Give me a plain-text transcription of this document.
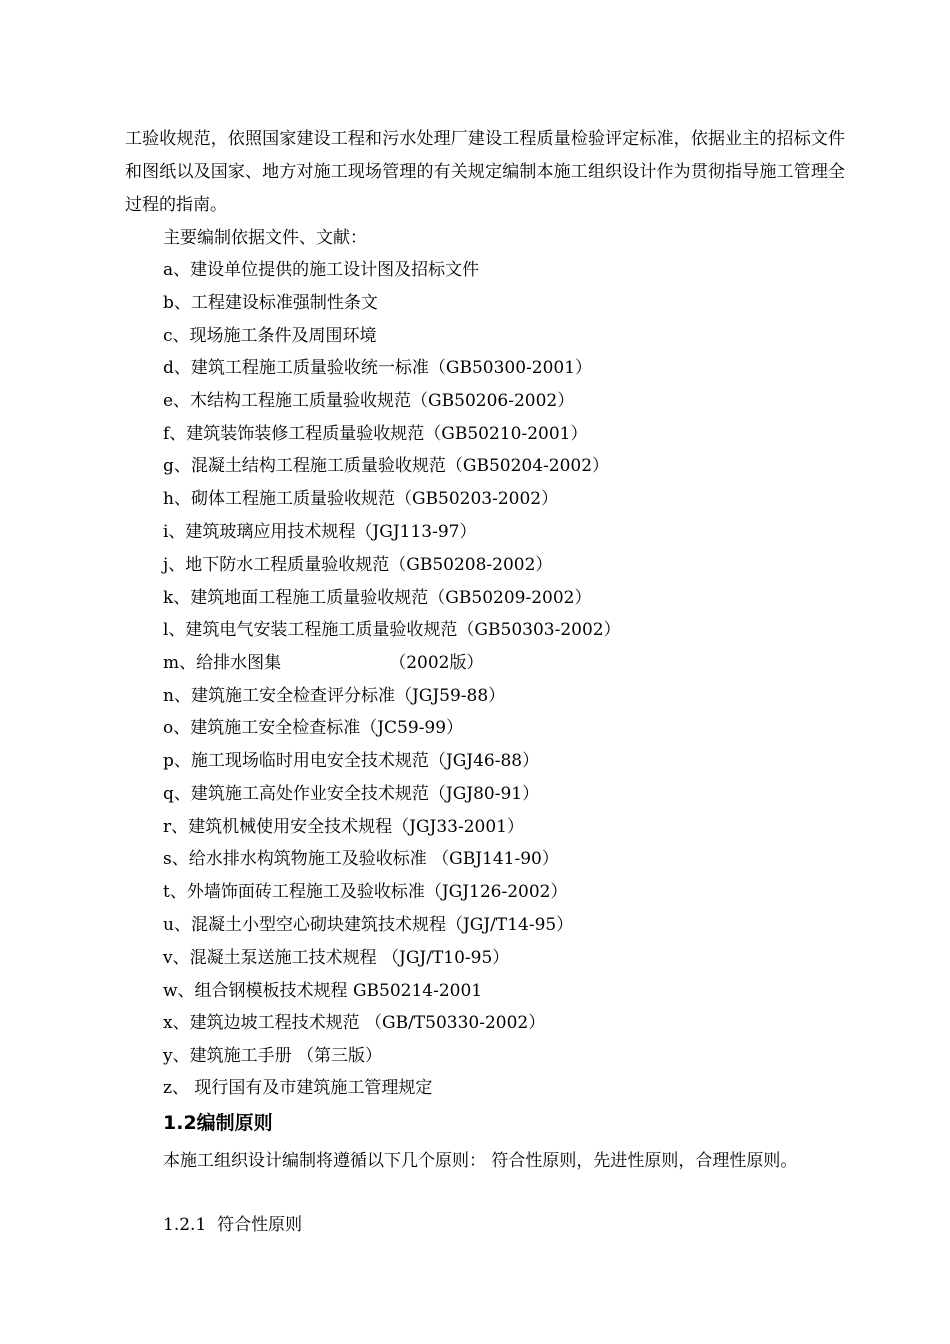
工验收规范，依照国家建设工程和污水处理厂建设工程质量检验评定标准，依据业主的招标文件和图纸以及国家、地方对施工现场管理的有关规定编制本施工组织设计作为贯彻指导施工管理全过程的指南。

主要编制依据文件、文献：

a、建设单位提供的施工设计图及招标文件

b、工程建设标准强制性条文

c、现场施工条件及周围环境

d、建筑工程施工质量验收统一标准（GB50300-2001）

e、木结构工程施工质量验收规范（GB50206-2002）

f、建筑装饰装修工程质量验收规范（GB50210-2001）

g、混凝土结构工程施工质量验收规范（GB50204-2002）

h、砌体工程施工质量验收规范（GB50203-2002）

i、建筑玻璃应用技术规程（JGJ113-97）

j、地下防水工程质量验收规范（GB50208-2002）

k、建筑地面工程施工质量验收规范（GB50209-2002）

l、建筑电气安装工程施工质量验收规范（GB50303-2002）

m、给排水图集                    （2002版）

n、建筑施工安全检查评分标准（JGJ59-88）

o、建筑施工安全检查标准（JC59-99）

p、施工现场临时用电安全技术规范（JGJ46-88）

q、建筑施工高处作业安全技术规范（JGJ80-91）

r、建筑机械使用安全技术规程（JGJ33-2001）

s、给水排水构筑物施工及验收标准 （GBJ141-90）

t、外墙饰面砖工程施工及验收标准（JGJ126-2002）

u、混凝土小型空心砌块建筑技术规程（JGJ/T14-95）

v、混凝土泵送施工技术规程 （JGJ/T10-95）

w、组合钢模板技术规程 GB50214-2001

x、建筑边坡工程技术规范 （GB/T50330-2002）

y、建筑施工手册 （第三版）

z、 现行国有及市建筑施工管理规定

1.2编制原则

本施工组织设计编制将遵循以下几个原则： 符合性原则，先进性原则，合理性原则。

1.2.1  符合性原则
